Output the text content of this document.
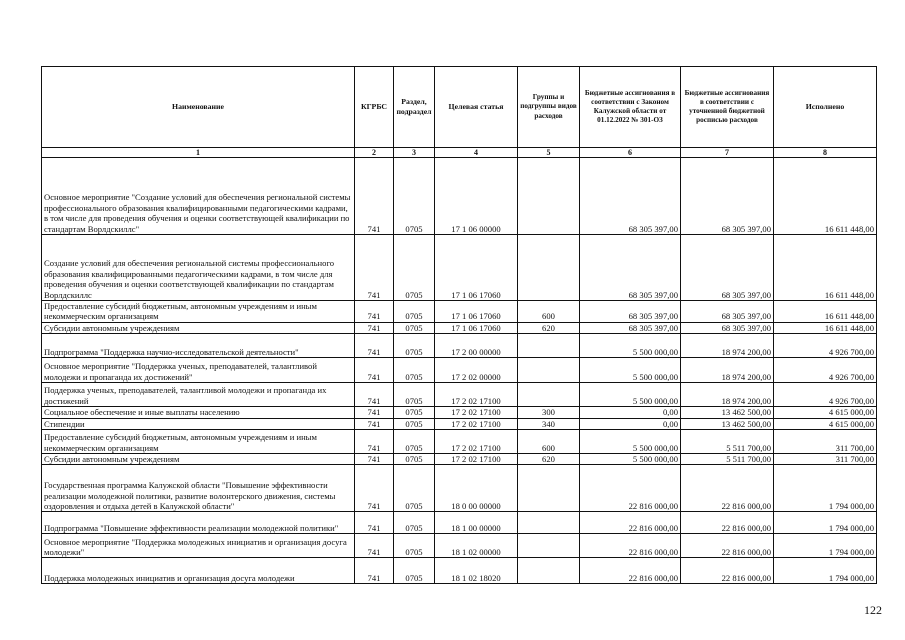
Наименование	КГРБС	Раздел, подраздел	Целевая статья	Группы и подгруппы видов расходов	Бюджетные ассигнования в соответствии с Законом Калужской области от 01.12.2022 № 301-ОЗ	Бюджетные ассигнования в соответствии с уточненной бюджетной росписью расходов	Исполнено
1	2	3	4	5	6	7	8
Основное мероприятие "Создание условий для обеспечения региональной системы профессионального образования квалифицированными педагогическими кадрами, в том числе для проведения обучения и оценки соответствующей квалификации по стандартам Ворлдскиллс"	741	0705	17 1 06 00000		68 305 397,00	68 305 397,00	16 611 448,00
Создание условий для обеспечения региональной системы профессионального образования квалифицированными педагогическими кадрами, в том числе для проведения обучения и оценки соответствующей квалификации по стандартам Ворлдскиллс	741	0705	17 1 06 17060		68 305 397,00	68 305 397,00	16 611 448,00
Предоставление субсидий бюджетным, автономным учреждениям и иным некоммерческим организациям	741	0705	17 1 06 17060	600	68 305 397,00	68 305 397,00	16 611 448,00
Субсидии автономным учреждениям	741	0705	17 1 06 17060	620	68 305 397,00	68 305 397,00	16 611 448,00
Подпрограмма "Поддержка научно-исследовательской деятельности"	741	0705	17 2 00 00000		5 500 000,00	18 974 200,00	4 926 700,00
Основное мероприятие "Поддержка ученых, преподавателей, талантливой молодежи и пропаганда их достижений"	741	0705	17 2 02 00000		5 500 000,00	18 974 200,00	4 926 700,00
Поддержка ученых, преподавателей, талантливой молодежи и пропаганда их достижений	741	0705	17 2 02 17100		5 500 000,00	18 974 200,00	4 926 700,00
Социальное обеспечение и иные выплаты населению	741	0705	17 2 02 17100	300	0,00	13 462 500,00	4 615 000,00
Стипендии	741	0705	17 2 02 17100	340	0,00	13 462 500,00	4 615 000,00
Предоставление субсидий бюджетным, автономным учреждениям и иным некоммерческим организациям	741	0705	17 2 02 17100	600	5 500 000,00	5 511 700,00	311 700,00
Субсидии автономным учреждениям	741	0705	17 2 02 17100	620	5 500 000,00	5 511 700,00	311 700,00
Государственная программа Калужской области "Повышение эффективности реализации молодежной политики, развитие волонтерского движения, системы оздоровления и отдыха детей в Калужской области"	741	0705	18 0 00 00000		22 816 000,00	22 816 000,00	1 794 000,00
Подпрограмма "Повышение эффективности реализации молодежной политики"	741	0705	18 1 00 00000		22 816 000,00	22 816 000,00	1 794 000,00
Основное мероприятие "Поддержка молодежных инициатив и организация досуга молодежи"	741	0705	18 1 02 00000		22 816 000,00	22 816 000,00	1 794 000,00
Поддержка молодежных инициатив и организация досуга молодежи	741	0705	18 1 02 18020		22 816 000,00	22 816 000,00	1 794 000,00
122
